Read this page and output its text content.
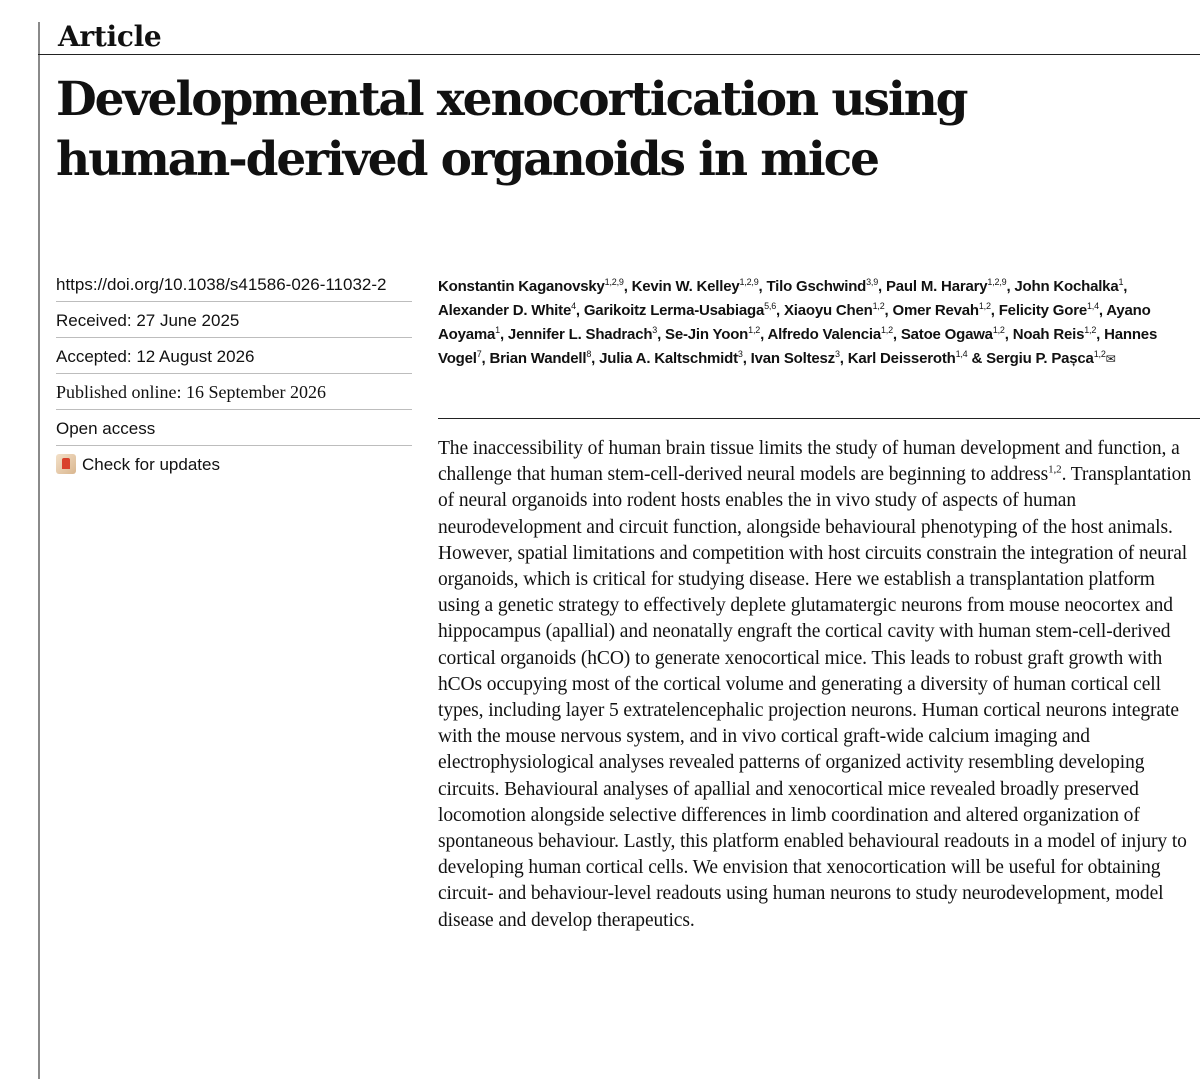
Article
Developmental xenocortication using
human-derived organoids in mice
https://doi.org/10.1038/s41586-026-11032-2
Received: 27 June 2025
Accepted: 12 August 2026
Published online: 16 September 2026
Open access
Check for updates
Konstantin Kaganovsky$^{1,2,9}$, Kevin W. Kelley$^{1,2,9}$, Tilo Gschwind$^{3,9}$, Paul M. Harary$^{1,2,9}$, John Kochalka$^1$, Alexander D. White$^4$, Garikoitz Lerma-Usabiaga$^{5,6}$, Xiaoyu Chen$^{1,2}$, Omer Revah$^{1,2}$, Felicity Gore$^{1,4}$, Ayano Aoyama$^1$, Jennifer L. Shadrach$^3$, Se-Jin Yoon$^{1,2}$, Alfredo Valencia$^{1,2}$, Satoe Ogawa$^{1,2}$, Noah Reis$^{1,2}$, Hannes Vogel$^7$, Brian Wandell$^8$, Julia A. Kaltschmidt$^3$, Ivan Soltesz$^3$, Karl Deisseroth$^{1,4}$ & Sergiu P. Pașca$^{1,2}$✉

The inaccessibility of human brain tissue limits the study of human development and function, a challenge that human stem-cell-derived neural models are beginning to address$^{1,2}$. Transplantation of neural organoids into rodent hosts enables the in vivo study of aspects of human neurodevelopment and circuit function, alongside behavioural phenotyping of the host animals. However, spatial limitations and competition with host circuits constrain the integration of neural organoids, which is critical for studying disease. Here we establish a transplantation platform using a genetic strategy to effectively deplete glutamatergic neurons from mouse neocortex and hippocampus (apallial) and neonatally engraft the cortical cavity with human stem-cell-derived cortical organoids (hCO) to generate xenocortical mice. This leads to robust graft growth with hCOs occupying most of the cortical volume and generating a diversity of human cortical cell types, including layer 5 extratelencephalic projection neurons. Human cortical neurons integrate with the mouse nervous system, and in vivo cortical graft-wide calcium imaging and electrophysiological analyses revealed patterns of organized activity resembling developing circuits. Behavioural analyses of apallial and xenocortical mice revealed broadly preserved locomotion alongside selective differences in limb coordination and altered organization of spontaneous behaviour. Lastly, this platform enabled behavioural readouts in a model of injury to developing human cortical cells. We envision that xenocortication will be useful for obtaining circuit- and behaviour-level readouts using human neurons to study neurodevelopment, model disease and develop therapeutics.
